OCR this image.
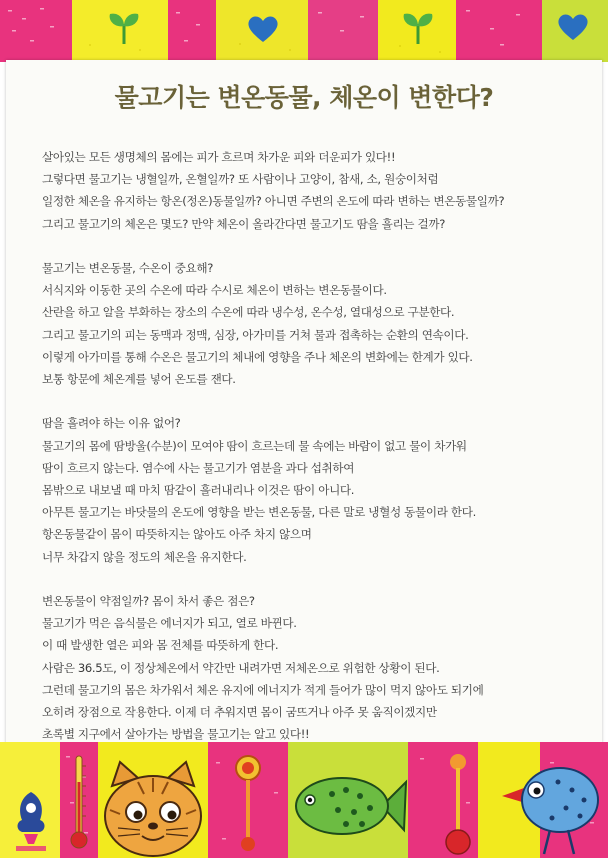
물고기는 변온동물, 체온이 변한다?

살아있는 모든 생명체의 몸에는 피가 흐르며 차가운 피와 더운피가 있다!!
그렇다면 물고기는 냉혈일까, 온혈일까? 또 사람이나 고양이, 참새, 소, 원숭이처럼
일정한 체온을 유지하는 항온(정온)동물일까? 아니면 주변의 온도에 따라 변하는 변온동물일까?
그리고 물고기의 체온은 몇도? 만약 체온이 올라간다면 물고기도 땀을 흘리는 걸까?

물고기는 변온동물, 수온이 중요해?
서식지와 이동한 곳의 수온에 따라 수시로 체온이 변하는 변온동물이다.
산란을 하고 알을 부화하는 장소의 수온에 따라 냉수성, 온수성, 열대성으로 구분한다.
그리고 물고기의 피는 동맥과 정맥, 심장, 아가미를 거쳐 물과 접촉하는 순환의 연속이다.
이렇게 아가미를 통해 수온은 물고기의 체내에 영향을 주나 체온의 변화에는 한계가 있다.
보통 항문에 체온계를 넣어 온도를 잰다.

땀을 흘려야 하는 이유 없어?
물고기의 몸에 땀방울(수분)이 모여야 땀이 흐르는데 물 속에는 바람이 없고 물이 차가워
땀이 흐르지 않는다. 염수에 사는 물고기가 염분을 과다 섭취하여
몸밖으로 내보낼 때 마치 땀같이 흘러내리나 이것은 땀이 아니다.
아무튼 물고기는 바닷물의 온도에 영향을 받는 변온동물, 다른 말로 냉혈성 동물이라 한다.
항온동물같이 몸이 따뜻하지는 않아도 아주 차지 않으며
너무 차갑지 않을 정도의 체온을 유지한다.

변온동물이 약점일까? 몸이 차서 좋은 점은?
물고기가 먹은 음식물은 에너지가 되고, 열로 바뀐다.
이 때 발생한 열은 피와 몸 전체를 따뜻하게 한다.
사람은 36.5도, 이 정상체온에서 약간만 내려가면 저체온으로 위험한 상황이 된다.
그런데 물고기의 몸은 차가워서 체온 유지에 에너지가 적게 들어가 많이 먹지 않아도 되기에
오히려 장점으로 작용한다. 이제 더 추워지면 몸이 굼뜨거나 아주 못 움직이겠지만
초록별 지구에서 살아가는 방법을 물고기는 알고 있다!!
